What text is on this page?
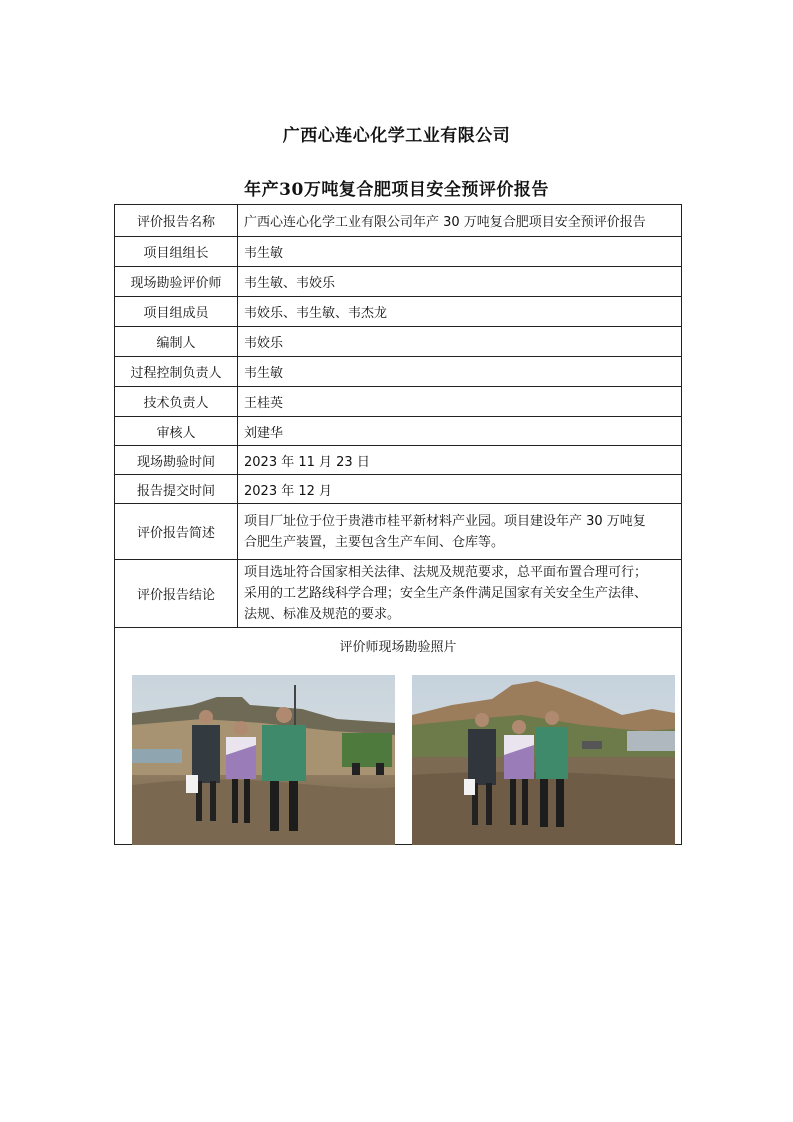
广西心连心化学工业有限公司
年产30万吨复合肥项目安全预评价报告
评价报告名称	广西心连心化学工业有限公司年产 30 万吨复合肥项目安全预评价报告
项目组组长	韦生敏
现场勘验评价师	韦生敏、韦姣乐
项目组成员	韦姣乐、韦生敏、韦杰龙
编制人	韦姣乐
过程控制负责人	韦生敏
技术负责人	王桂英
审核人	刘建华
现场勘验时间	2023 年 11 月 23 日
报告提交时间	2023 年 12 月
评价报告简述	项目厂址位于位于贵港市桂平新材料产业园。项目建设年产 30 万吨复
合肥生产装置，主要包含生产车间、仓库等。

评价报告结论	项目选址符合国家相关法律、法规及规范要求，总平面布置合理可行；
采用的工艺路线科学合理；安全生产条件满足国家有关安全生产法律、
法规、标准及规范的要求。

评价师现场勘验照片	
